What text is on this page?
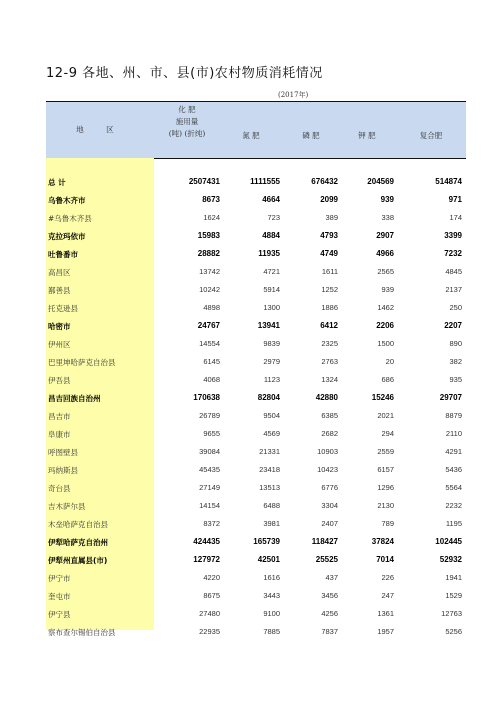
12-9 各地、州、市、县(市)农村物质消耗情况
(2017年)
地 区
化 肥
施用量
(吨) (折纯)	氮 肥	磷 肥	钾 肥	复合肥
总 计	2507431	1111555	676432	204569	514874
乌鲁木齐市	8673	4664	2099	939	971
#乌鲁木齐县	1624	723	389	338	174
克拉玛依市	15983	4884	4793	2907	3399
吐鲁番市	28882	11935	4749	4966	7232
高昌区	13742	4721	1611	2565	4845
鄯善县	10242	5914	1252	939	2137
托克逊县	4898	1300	1886	1462	250
哈密市	24767	13941	6412	2206	2207
伊州区	14554	9839	2325	1500	890
巴里坤哈萨克自治县	6145	2979	2763	20	382
伊吾县	4068	1123	1324	686	935
昌吉回族自治州	170638	82804	42880	15246	29707
昌吉市	26789	9504	6385	2021	8879
阜康市	9655	4569	2682	294	2110
呼图壁县	39084	21331	10903	2559	4291
玛纳斯县	45435	23418	10423	6157	5436
奇台县	27149	13513	6776	1296	5564
吉木萨尔县	14154	6488	3304	2130	2232
木垒哈萨克自治县	8372	3981	2407	789	1195
伊犁哈萨克自治州	424435	165739	118427	37824	102445
伊犁州直属县(市)	127972	42501	25525	7014	52932
伊宁市	4220	1616	437	226	1941
奎屯市	8675	3443	3456	247	1529
伊宁县	27480	9100	4256	1361	12763
察布查尔锡伯自治县	22935	7885	7837	1957	5256
